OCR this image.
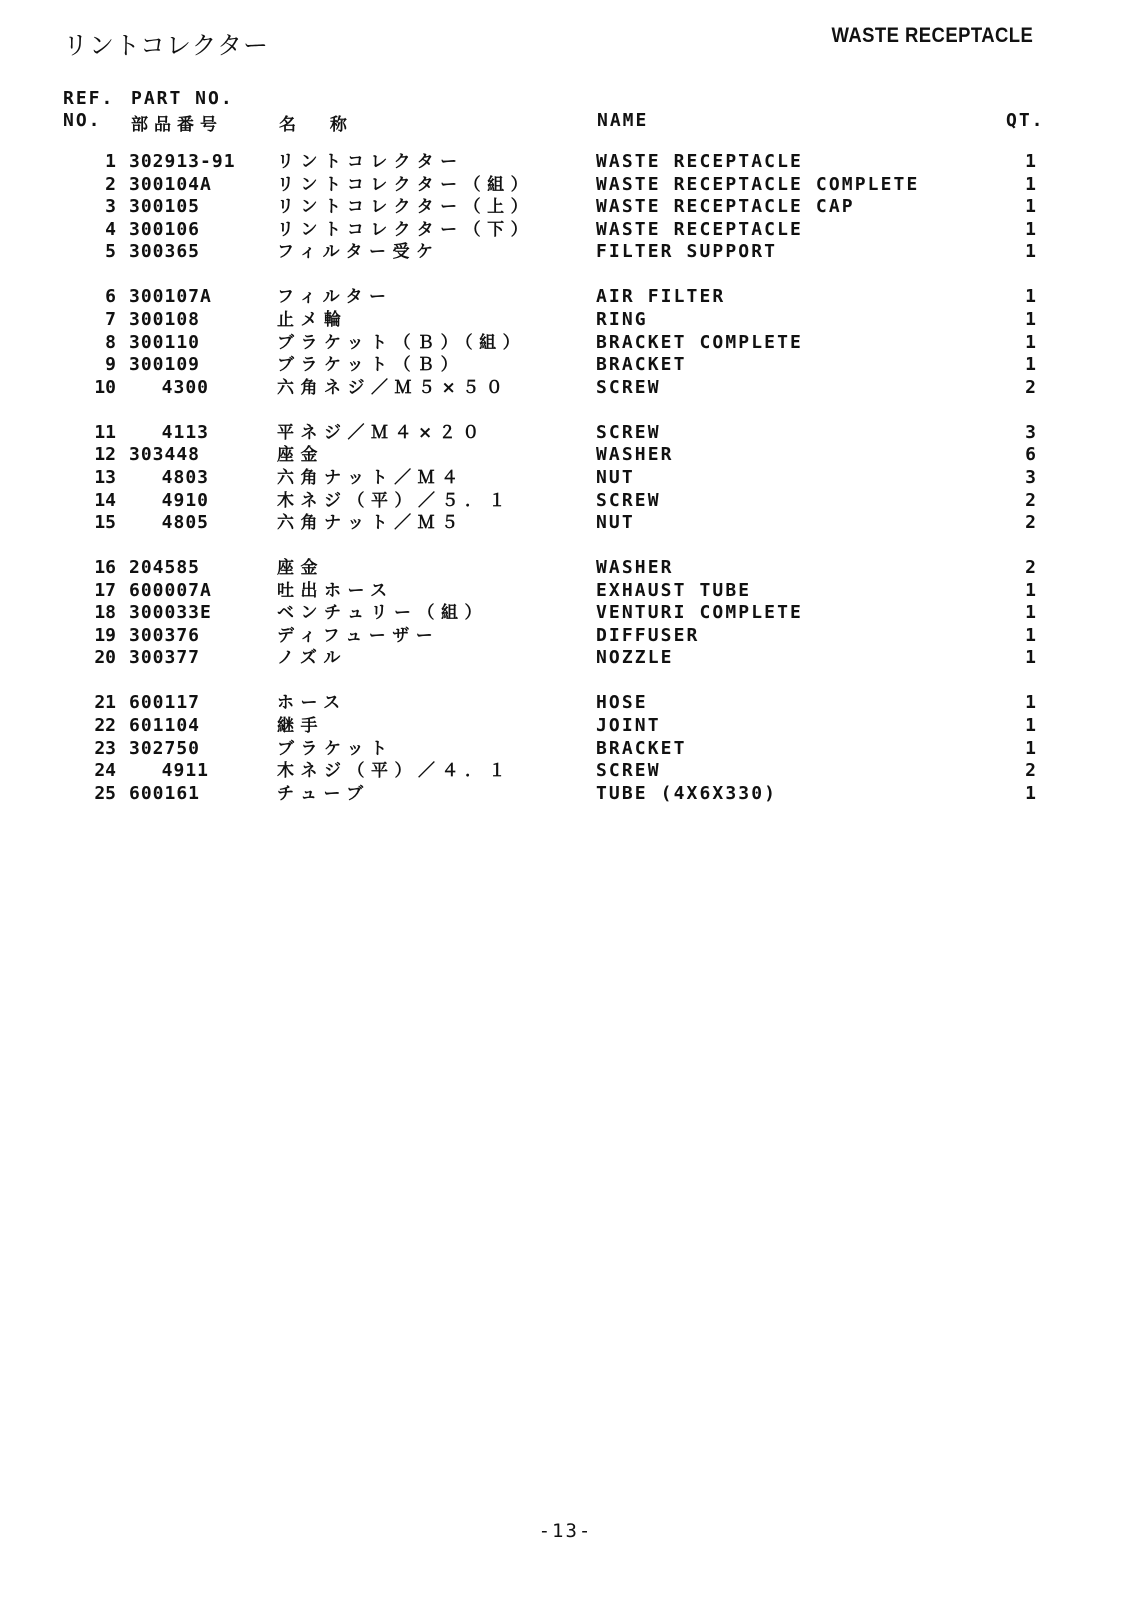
リントコレクター	WASTE RECEPTACLE
REF.
NO.
PART NO.
部品番号	名 称	NAME	QT.
1 302913-91	リントコレクター	WASTE RECEPTACLE	1
2 300104A	リントコレクター（組）	WASTE RECEPTACLE COMPLETE	1
3 300105	リントコレクター（上）	WASTE RECEPTACLE CAP	1
4 300106	リントコレクター（下）	WASTE RECEPTACLE	1
5 300365	フィルター受ケ	FILTER SUPPORT	1
6 300107A	フィルター	AIR FILTER	1
7 300108	止メ輪	RING	1
8 300110	ブラケット（Ｂ）（組）	BRACKET COMPLETE	1
9 300109	ブラケット（Ｂ）	BRACKET	1
10	4300	六角ネジ／Ｍ５×５０	SCREW	2
11	4113	平ネジ／Ｍ４×２０	SCREW	3
12 303448	座金	WASHER	6
13	4803	六角ナット／Ｍ４	NUT	3
14	4910	木ネジ（平）／５．１	SCREW	2
15	4805	六角ナット／Ｍ５	NUT	2
16 204585	座金	WASHER	2
17 600007A	吐出ホース	EXHAUST TUBE	1
18 300033E	ベンチュリー（組）	VENTURI COMPLETE	1
19 300376	ディフューザー	DIFFUSER	1
20 300377	ノズル	NOZZLE	1
21 600117	ホース	HOSE	1
22 601104	継手	JOINT	1
23 302750	ブラケット	BRACKET	1
24	4911	木ネジ（平）／４．１	SCREW	2
25 600161	チューブ	TUBE (4X6X330)	1
-13-
